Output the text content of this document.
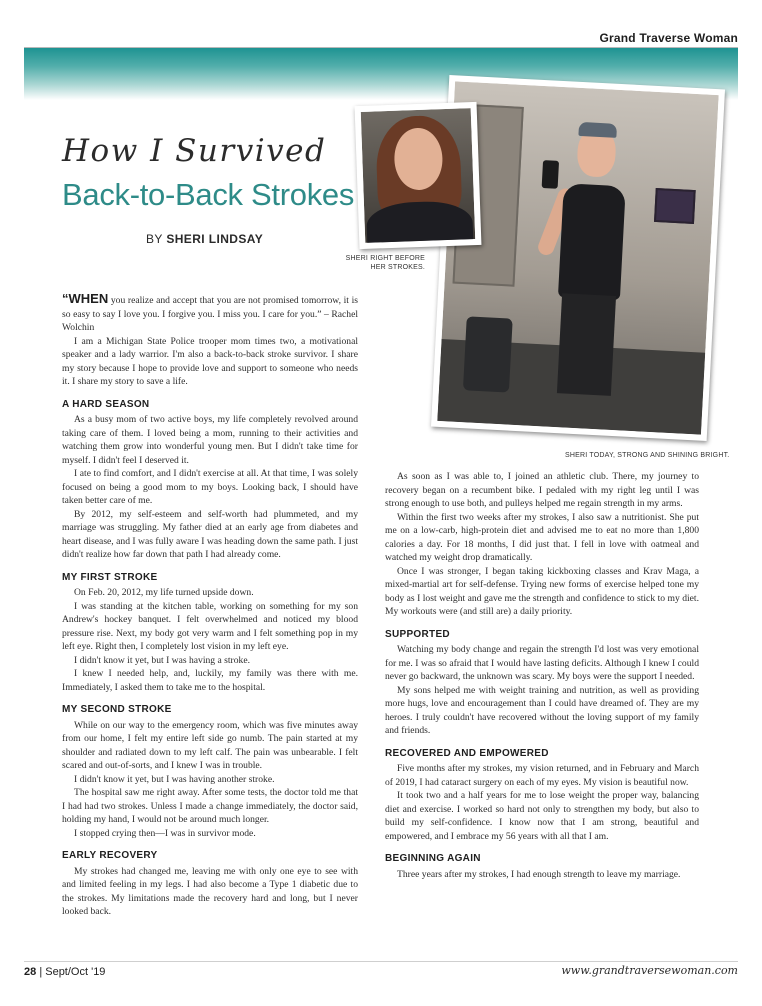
Grand Traverse Woman
How I Survived
Back-to-Back Strokes
BY SHERI LINDSAY
SHERI RIGHT BEFORE HER STROKES.
SHERI TODAY, STRONG AND SHINING BRIGHT.

“WHEN you realize and accept that you are not promised tomorrow, it is so easy to say I love you. I forgive you. I miss you. I care for you.” – Rachel Wolchin

I am a Michigan State Police trooper mom times two, a motivational speaker and a lady warrior. I'm also a back-to-back stroke survivor. I share my story because I hope to provide love and support to someone who needs it. I share my story to save a life.

A HARD SEASON

As a busy mom of two active boys, my life completely revolved around taking care of them. I loved being a mom, running to their activities and watching them grow into wonderful young men. But I didn't take time for myself. I didn't feel I deserved it.

I ate to find comfort, and I didn't exercise at all. At that time, I was solely focused on being a good mom to my boys. Looking back, I should have taken better care of me.

By 2012, my self-esteem and self-worth had plummeted, and my marriage was struggling. My father died at an early age from diabetes and heart disease, and I was fully aware I was heading down the same path. I just didn't realize how far down that path I had already come.

MY FIRST STROKE

On Feb. 20, 2012, my life turned upside down.

I was standing at the kitchen table, working on something for my son Andrew's hockey banquet. I felt overwhelmed and noticed my blood pressure rise. Next, my body got very warm and I felt something pop in my left eye. Right then, I completely lost vision in my left eye.

I didn't know it yet, but I was having a stroke.

I knew I needed help, and, luckily, my family was there with me. Immediately, I asked them to take me to the hospital.

MY SECOND STROKE

While on our way to the emergency room, which was five minutes away from our home, I felt my entire left side go numb. The pain started at my shoulder and radiated down to my left calf. The pain was unbearable. I felt scared and out-of-sorts, and I knew I was in trouble.

I didn't know it yet, but I was having another stroke.

The hospital saw me right away. After some tests, the doctor told me that I had had two strokes. Unless I made a change immediately, the doctor said, holding my hand, I would not be around much longer.

I stopped crying then—I was in survivor mode.

EARLY RECOVERY

My strokes had changed me, leaving me with only one eye to see with and limited feeling in my legs. I had also become a Type 1 diabetic due to the strokes. My limitations made the recovery hard and long, but I never looked back.

As soon as I was able to, I joined an athletic club. There, my journey to recovery began on a recumbent bike. I pedaled with my right leg until I was strong enough to use both, and pulleys helped me regain strength in my arms.

Within the first two weeks after my strokes, I also saw a nutritionist. She put me on a low-carb, high-protein diet and advised me to eat no more than 1,800 calories a day. For 18 months, I did just that. I fell in love with oatmeal and watched my weight drop dramatically.

Once I was stronger, I began taking kickboxing classes and Krav Maga, a mixed-martial art for self-defense. Trying new forms of exercise helped tone my body as I lost weight and gave me the strength and confidence to stick to my diet. My workouts were (and still are) a daily priority.

SUPPORTED

Watching my body change and regain the strength I'd lost was very emotional for me. I was so afraid that I would have lasting deficits. Although I knew I could never go backward, the unknown was scary. My boys were the support I needed.

My sons helped me with weight training and nutrition, as well as providing more hugs, love and encouragement than I could have dreamed of. They are my heroes. I truly couldn't have recovered without the loving support of my family and friends.

RECOVERED AND EMPOWERED

Five months after my strokes, my vision returned, and in February and March of 2019, I had cataract surgery on each of my eyes. My vision is beautiful now.

It took two and a half years for me to lose weight the proper way, balancing diet and exercise. I worked so hard not only to strengthen my body, but also to build my self-confidence. I know now that I am strong, beautiful and empowered, and I embrace my 56 years with all that I am.

BEGINNING AGAIN

Three years after my strokes, I had enough strength to leave my marriage.

28 | Sept/Oct '19	www.grandtraversewoman.com
